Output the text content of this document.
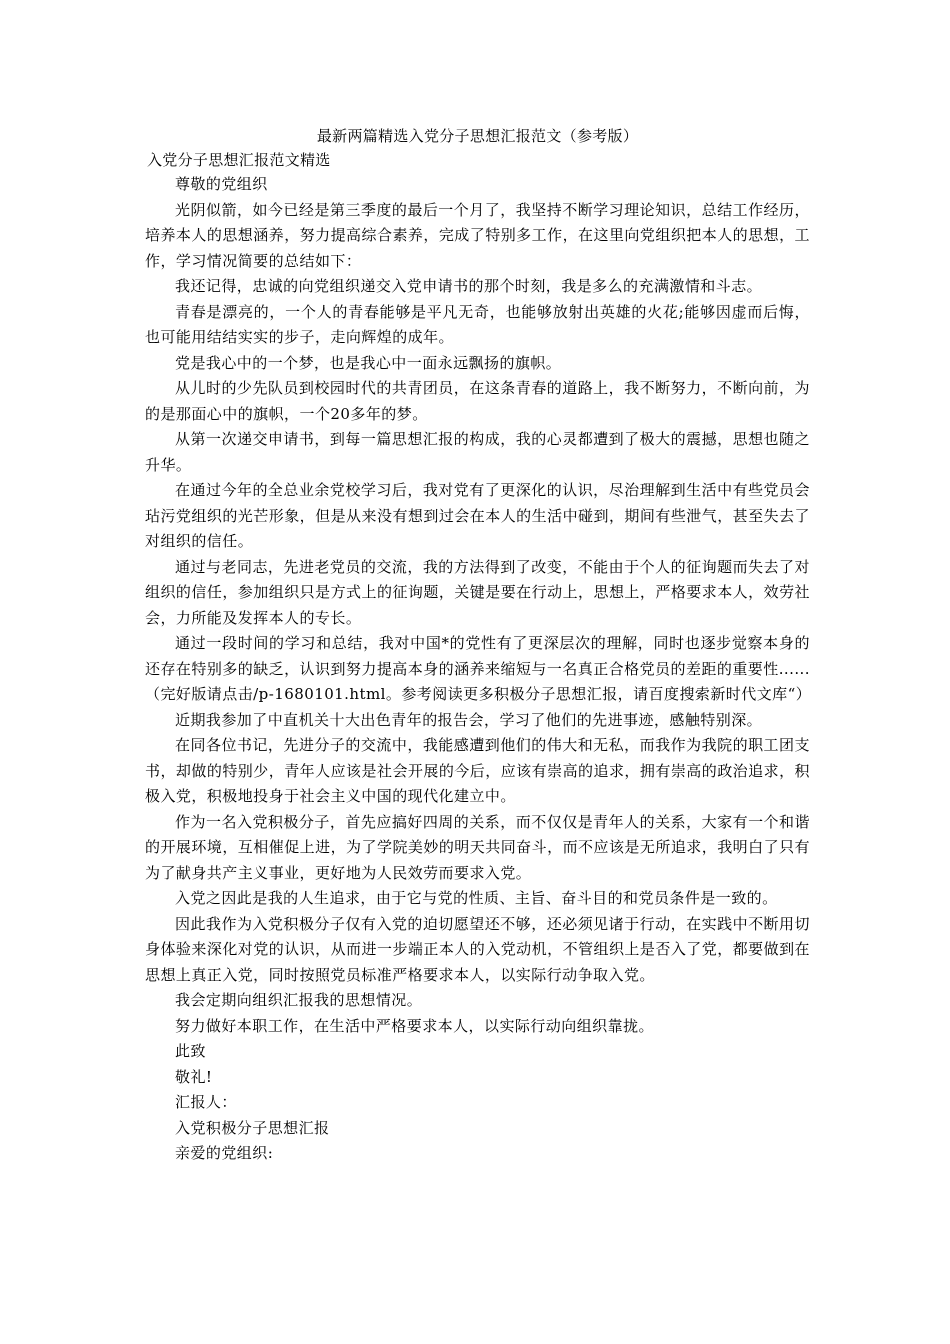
最新两篇精选入党分子思想汇报范文（参考版）

入党分子思想汇报范文精选

尊敬的党组织

光阴似箭，如今已经是第三季度的最后一个月了，我坚持不断学习理论知识，总结工作经历，培养本人的思想涵养，努力提高综合素养，完成了特别多工作，在这里向党组织把本人的思想，工作，学习情况简要的总结如下：

我还记得，忠诚的向党组织递交入党申请书的那个时刻，我是多么的充满激情和斗志。

青春是漂亮的，一个人的青春能够是平凡无奇，也能够放射出英雄的火花;能够因虚而后悔，也可能用结结实实的步子，走向辉煌的成年。

党是我心中的一个梦，也是我心中一面永远飘扬的旗帜。

从儿时的少先队员到校园时代的共青团员，在这条青春的道路上，我不断努力，不断向前，为的是那面心中的旗帜，一个20多年的梦。

从第一次递交申请书，到每一篇思想汇报的构成，我的心灵都遭到了极大的震撼，思想也随之升华。

在通过今年的全总业余党校学习后，我对党有了更深化的认识，尽治理解到生活中有些党员会玷污党组织的光芒形象，但是从来没有想到过会在本人的生活中碰到，期间有些泄气，甚至失去了对组织的信任。

通过与老同志，先进老党员的交流，我的方法得到了改变，不能由于个人的征询题而失去了对组织的信任，参加组织只是方式上的征询题，关键是要在行动上，思想上，严格要求本人，效劳社会，力所能及发挥本人的专长。

通过一段时间的学习和总结，我对中国*的党性有了更深层次的理解，同时也逐步觉察本身的还存在特别多的缺乏，认识到努力提高本身的涵养来缩短与一名真正合格党员的差距的重要性......（完好版请点击/p-1680101.html。参考阅读更多积极分子思想汇报，请百度搜索新时代文库“）

近期我参加了中直机关十大出色青年的报告会，学习了他们的先进事迹，感触特别深。

在同各位书记，先进分子的交流中，我能感遭到他们的伟大和无私，而我作为我院的职工团支书，却做的特别少，青年人应该是社会开展的今后，应该有崇高的追求，拥有崇高的政治追求，积极入党，积极地投身于社会主义中国的现代化建立中。

作为一名入党积极分子，首先应搞好四周的关系，而不仅仅是青年人的关系，大家有一个和谐的开展环境，互相催促上进，为了学院美妙的明天共同奋斗，而不应该是无所追求，我明白了只有为了献身共产主义事业，更好地为人民效劳而要求入党。

入党之因此是我的人生追求，由于它与党的性质、主旨、奋斗目的和党员条件是一致的。

因此我作为入党积极分子仅有入党的迫切愿望还不够，还必须见诸于行动，在实践中不断用切身体验来深化对党的认识，从而进一步端正本人的入党动机，不管组织上是否入了党，都要做到在思想上真正入党，同时按照党员标准严格要求本人，以实际行动争取入党。

我会定期向组织汇报我的思想情况。

努力做好本职工作，在生活中严格要求本人，以实际行动向组织靠拢。

此致

敬礼!

汇报人：

入党积极分子思想汇报

亲爱的党组织:
